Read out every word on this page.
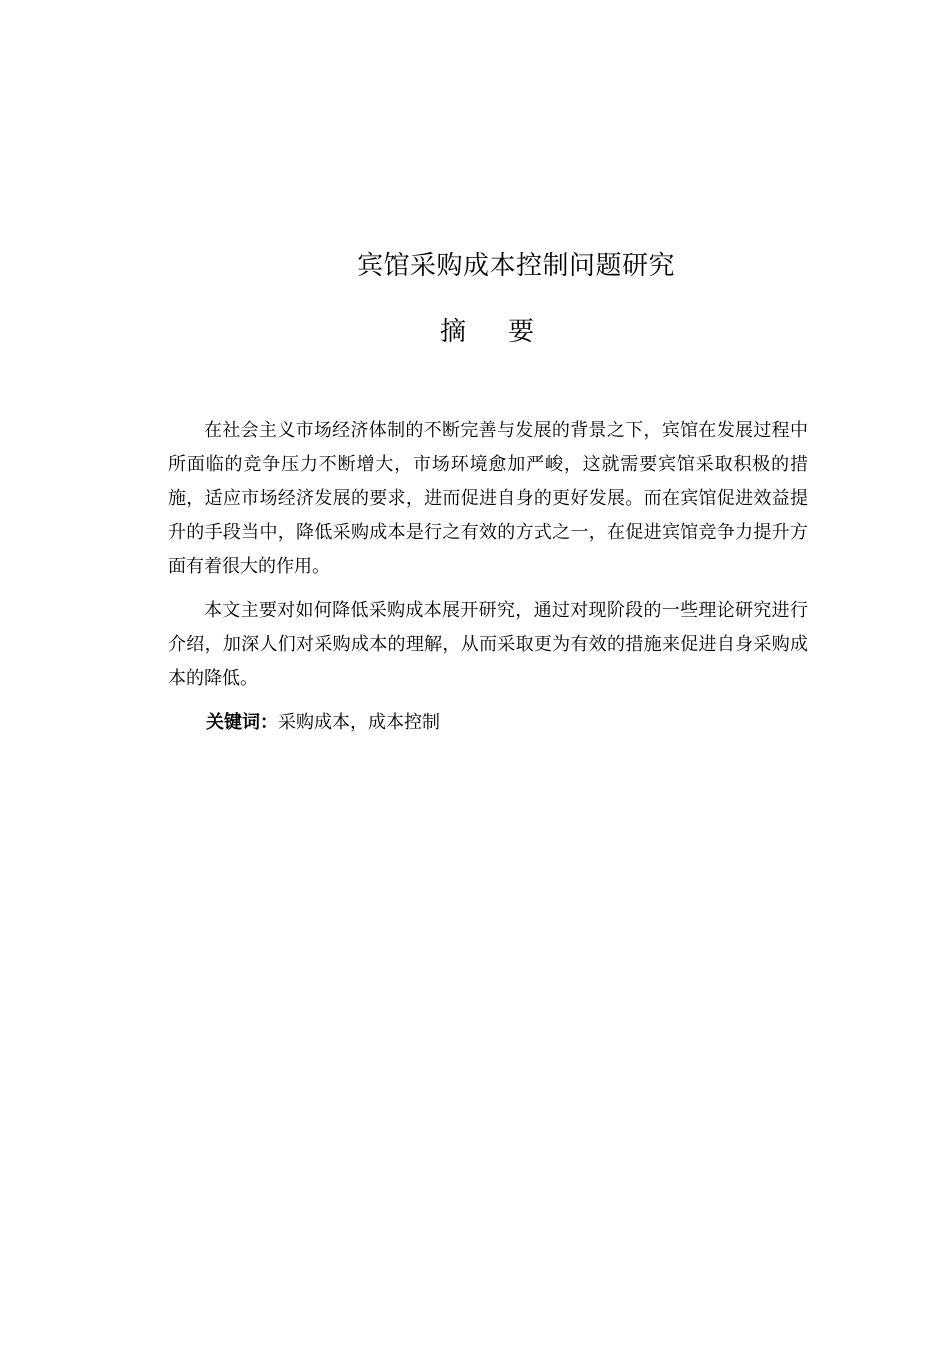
宾馆采购成本控制问题研究
摘 要

在社会主义市场经济体制的不断完善与发展的背景之下，宾馆在发展过程中所面临的竞争压力不断增大，市场环境愈加严峻，这就需要宾馆采取积极的措施，适应市场经济发展的要求，进而促进自身的更好发展。而在宾馆促进效益提升的手段当中，降低采购成本是行之有效的方式之一，在促进宾馆竞争力提升方面有着很大的作用。

本文主要对如何降低采购成本展开研究，通过对现阶段的一些理论研究进行介绍，加深人们对采购成本的理解，从而采取更为有效的措施来促进自身采购成本的降低。

关键词：采购成本，成本控制
